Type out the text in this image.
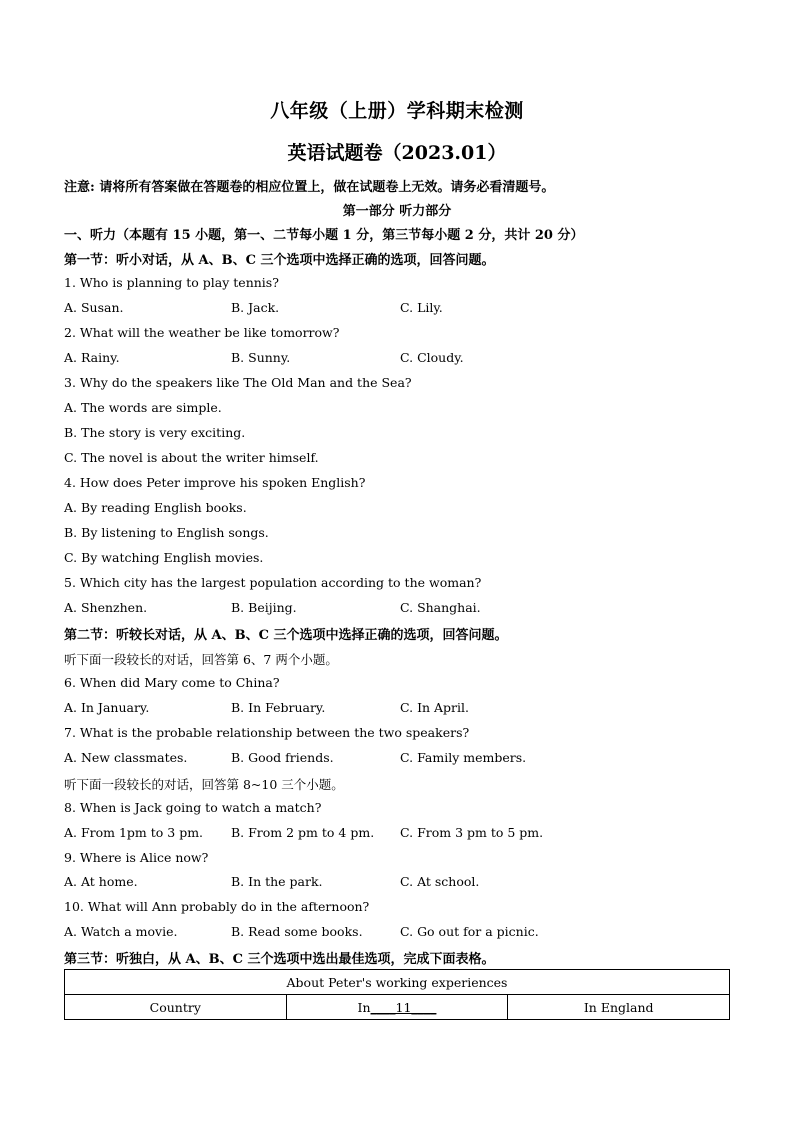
八年级（上册）学科期末检测
英语试题卷（2023.01）
注意: 请将所有答案做在答题卷的相应位置上，做在试题卷上无效。请务必看清题号。
第一部分 听力部分
一、听力（本题有 15 小题，第一、二节每小题 1 分，第三节每小题 2 分，共计 20 分）
第一节：听小对话，从 A、B、C 三个选项中选择正确的选项，回答问题。
1. Who is planning to play tennis?
A. Susan.	B. Jack.	C. Lily.
2. What will the weather be like tomorrow?
A. Rainy.	B. Sunny.	C. Cloudy.
3. Why do the speakers like The Old Man and the Sea?
A. The words are simple.
B. The story is very exciting.
C. The novel is about the writer himself.
4. How does Peter improve his spoken English?
A. By reading English books.
B. By listening to English songs.
C. By watching English movies.
5. Which city has the largest population according to the woman?
A. Shenzhen.	B. Beijing.	C. Shanghai.
第二节：听较长对话，从 A、B、C 三个选项中选择正确的选项，回答问题。
听下面一段较长的对话，回答第 6、7 两个小题。
6. When did Mary come to China?
A. In January.	B. In February.	C. In April.
7. What is the probable relationship between the two speakers?
A. New classmates.	B. Good friends.	C. Family members.
听下面一段较长的对话，回答第 8~10 三个小题。
8. When is Jack going to watch a match?
A. From 1pm to 3 pm. B. From 2 pm to 4 pm. C. From 3 pm to 5 pm.
9. Where is Alice now?
A. At home.	B. In the park.	C. At school.
10. What will Ann probably do in the afternoon?
A. Watch a movie.	B. Read some books.	C. Go out for a picnic.
第三节：听独白，从 A、B、C 三个选项中选出最佳选项，完成下面表格。
About Peter's working experiences
Country	In____11____	In England
